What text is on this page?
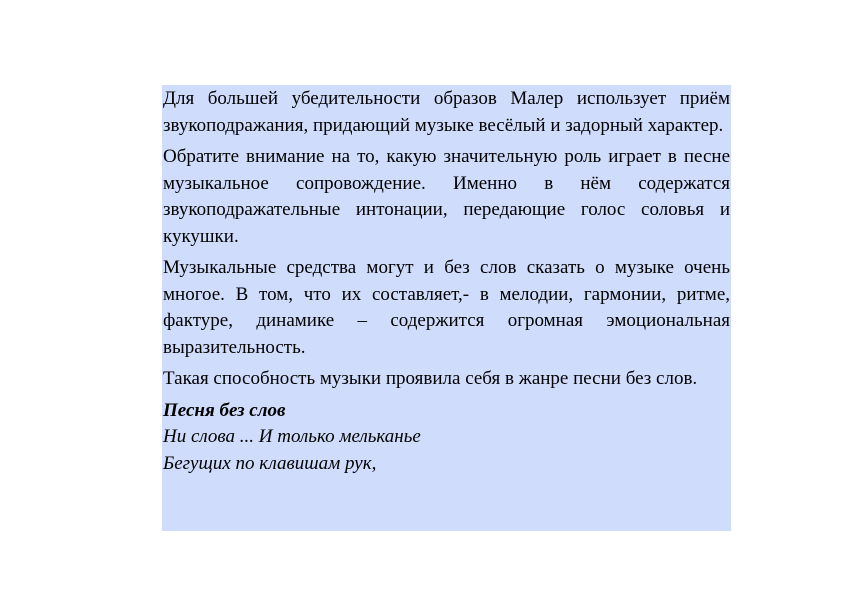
Для большей убедительности образов Малер использует приём звукоподражания, придающий музыке весёлый и задорный характер.

Обратите внимание на то, какую значительную роль играет в песне музыкальное сопровождение. Именно в нём содержатся звукоподражательные интонации, передающие голос соловья и кукушки.

Музыкальные средства могут и без слов сказать о музыке очень многое. В том, что их составляет,- в мелодии, гармонии, ритме, фактуре, динамике – содержится огромная эмоциональная выразительность.

Такая способность музыки проявила себя в жанре песни без слов.

Песня без слов

Ни слова ... И только мельканье

Бегущих по клавишам рук,
